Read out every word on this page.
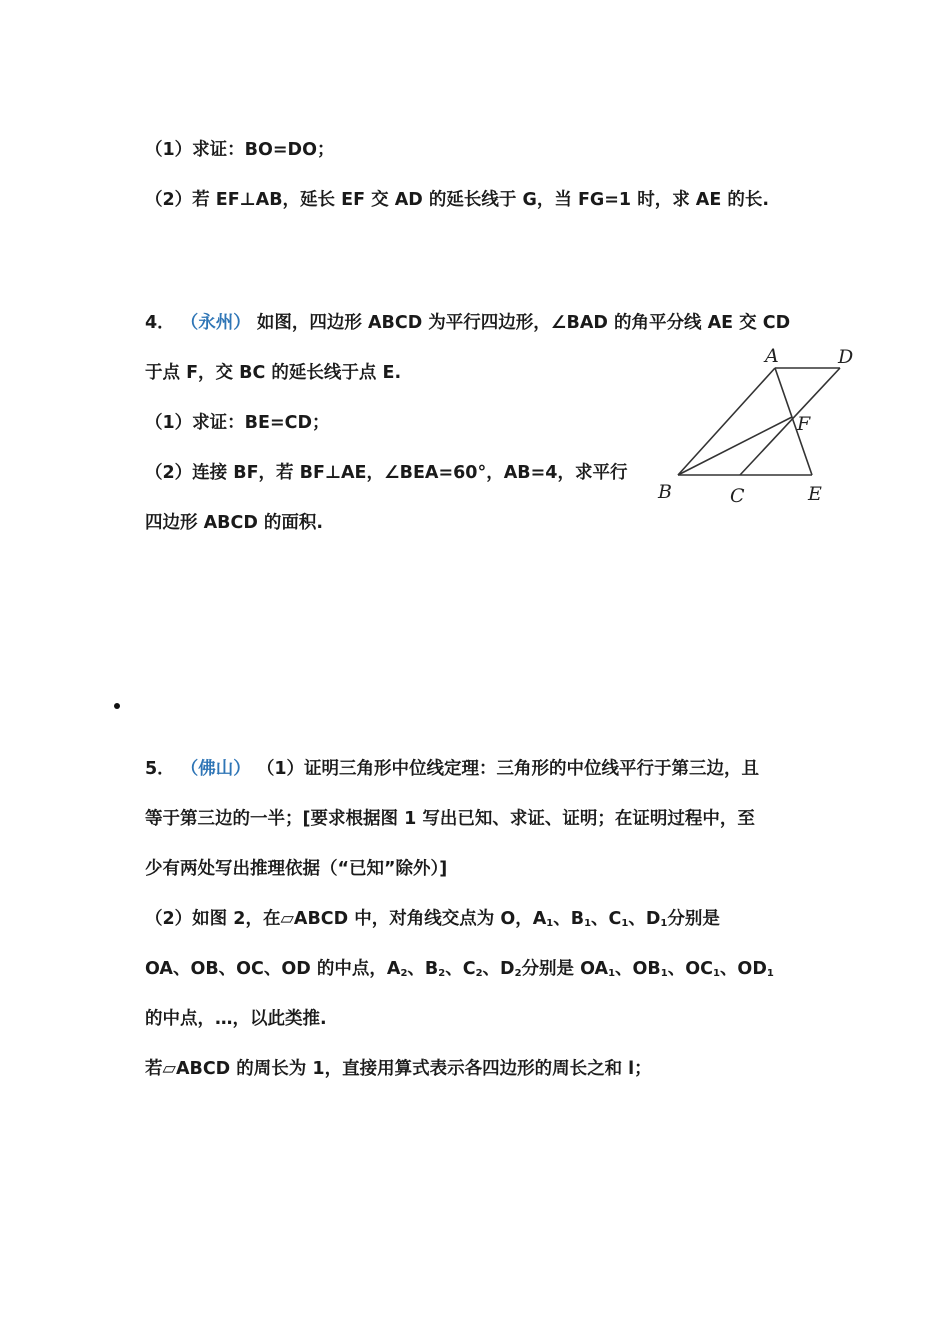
（1）求证：BO=DO；
（2）若 EF⊥AB，延长 EF 交 AD 的延长线于 G，当 FG=1 时，求 AE 的长.
4． （永州） 如图，四边形 ABCD 为平行四边形，∠BAD 的角平分线 AE 交 CD
于点 F，交 BC 的延长线于点 E.
（1）求证：BE=CD；
（2）连接 BF，若 BF⊥AE，∠BEA=60°，AB=4，求平行
四边形 ABCD 的面积.
A	D
F
B	C	E
5． （佛山） （1）证明三角形中位线定理：三角形的中位线平行于第三边，且
等于第三边的一半；[要求根据图 1 写出已知、求证、证明；在证明过程中，至
少有两处写出推理依据（“已知”除外）]
（2）如图 2，在▱ABCD 中，对角线交点为 O，$A_1$、$B_1$、$C_1$、$D_1$分别是
OA、OB、OC、OD 的中点，$A_2$、$B_2$、$C_2$、$D_2$分别是 $OA_1$、$OB_1$、$OC_1$、$OD_1$
的中点，…，以此类推.
若▱ABCD 的周长为 1，直接用算式表示各四边形的周长之和 l；
